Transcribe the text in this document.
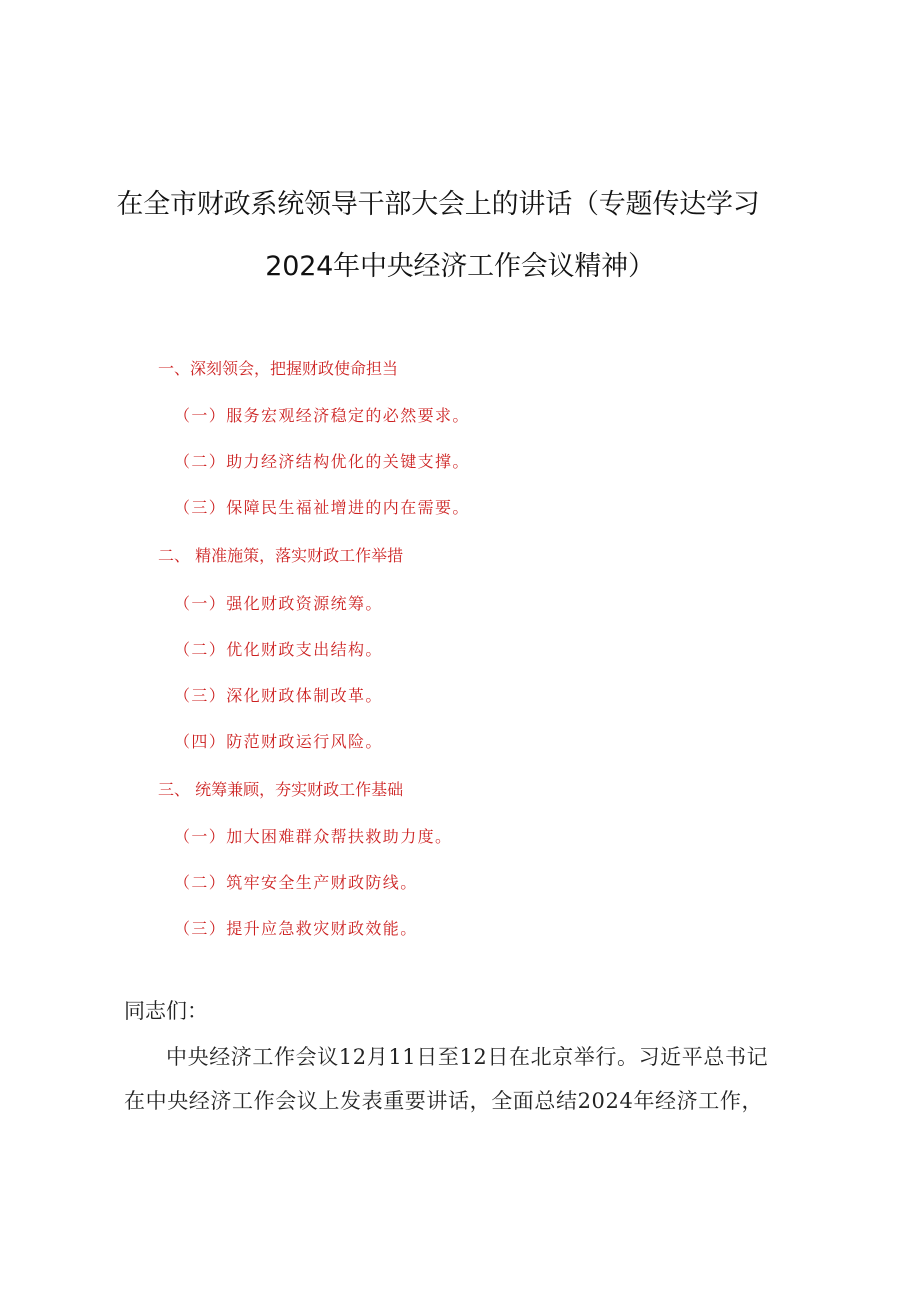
在全市财政系统领导干部大会上的讲话（专题传达学习
2024年中央经济工作会议精神）
一、深刻领会，把握财政使命担当
（一）服务宏观经济稳定的必然要求。
（二）助力经济结构优化的关键支撑。
（三）保障民生福祉增进的内在需要。
二、 精准施策，落实财政工作举措
（一）强化财政资源统筹。
（二）优化财政支出结构。
（三）深化财政体制改革。
（四）防范财政运行风险。
三、 统筹兼顾，夯实财政工作基础
（一）加大困难群众帮扶救助力度。
（二）筑牢安全生产财政防线。
（三）提升应急救灾财政效能。
同志们：
中央经济工作会议12月11日至12日在北京举行。习近平总书记
在中央经济工作会议上发表重要讲话，全面总结2024年经济工作，
